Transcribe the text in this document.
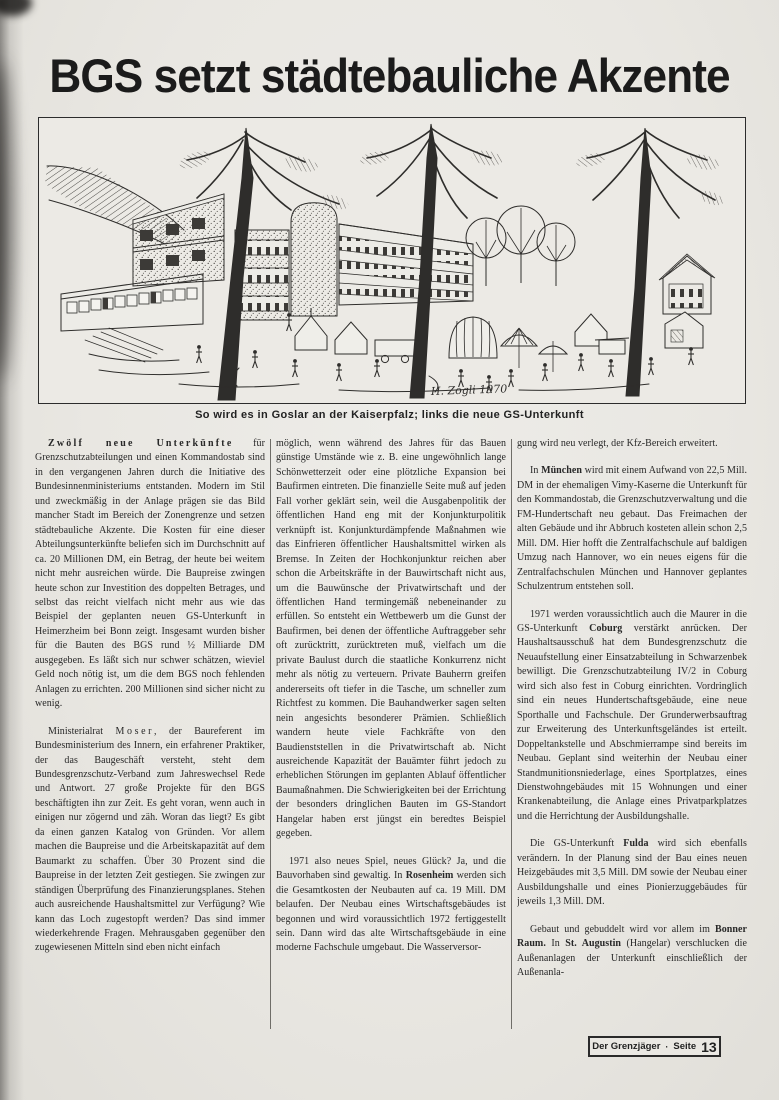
BGS setzt städtebauliche Akzente
H. Zogli 1970
So wird es in Goslar an der Kaiserpfalz; links die neue GS-Unterkunft

Zwölf neue Unterkünfte für Grenzschutzabteilungen und einen Kommandostab sind in den vergangenen Jahren durch die Initiative des Bundesinnenministeriums entstanden. Modern im Stil und zweckmäßig in der Anlage prägen sie das Bild mancher Stadt im Bereich der Zonengrenze und setzen städtebauliche Akzente. Die Kosten für eine dieser Abteilungsunterkünfte beliefen sich im Durchschnitt auf ca. 20 Millionen DM, ein Betrag, der heute bei weitem nicht mehr ausreichen würde. Die Baupreise zwingen heute schon zur Investition des doppelten Betrages, und selbst das reicht vielfach nicht mehr aus wie das Beispiel der geplanten neuen GS-Unterkunft in Heimerzheim bei Bonn zeigt. Insgesamt wurden bisher für die Bauten des BGS rund ½ Milliarde DM ausgegeben. Es läßt sich nur schwer schätzen, wieviel Geld noch nötig ist, um die dem BGS noch fehlenden Anlagen zu errichten. 200 Millionen sind sicher nicht zu wenig.

Ministerialrat Moser, der Baureferent im Bundesministerium des Innern, ein erfahrener Praktiker, der das Baugeschäft versteht, steht dem Bundesgrenzschutz-Verband zum Jahreswechsel Rede und Antwort. 27 große Projekte für den BGS beschäftigten ihn zur Zeit. Es geht voran, wenn auch in einigen nur zögernd und zäh. Woran das liegt? Es gibt da einen ganzen Katalog von Gründen. Vor allem machen die Baupreise und die Arbeitskapazität auf dem Baumarkt zu schaffen. Über 30 Prozent sind die Baupreise in der letzten Zeit gestiegen. Sie zwingen zur ständigen Überprüfung des Finanzierungsplanes. Stehen auch ausreichende Haushaltsmittel zur Verfügung? Wie kann das Loch zugestopft werden? Das sind immer wiederkehrende Fragen. Mehrausgaben gegenüber den zugewiesenen Mitteln sind eben nicht einfach

möglich, wenn während des Jahres für das Bauen günstige Umstände wie z. B. eine ungewöhnlich lange Schönwetterzeit oder eine plötzliche Expansion bei Baufirmen eintreten. Die finanzielle Seite muß auf jeden Fall vorher geklärt sein, weil die Ausgabenpolitik der öffentlichen Hand eng mit der Konjunkturpolitik verknüpft ist. Konjunkturdämpfende Maßnahmen wie das Einfrieren öffentlicher Haushaltsmittel wirken als Bremse. In Zeiten der Hochkonjunktur reichen aber schon die Arbeitskräfte in der Bauwirtschaft nicht aus, um die Bauwünsche der Privatwirtschaft und der öffentlichen Hand termingemäß nebeneinander zu erfüllen. So entsteht ein Wettbewerb um die Gunst der Baufirmen, bei denen der öffentliche Auftraggeber sehr oft zurücktritt, zurücktreten muß, vielfach um die private Baulust durch die staatliche Konkurrenz nicht mehr als nötig zu verteuern. Private Bauherrn greifen andererseits oft tiefer in die Tasche, um schneller zum Richtfest zu kommen. Die Bauhandwerker sagen selten nein angesichts besonderer Prämien. Schließlich wandern heute viele Fachkräfte von den Baudienststellen in die Privatwirtschaft ab. Nicht ausreichende Kapazität der Bauämter führt jedoch zu erheblichen Störungen im geplanten Ablauf öffentlicher Baumaßnahmen. Die Schwierigkeiten bei der Errichtung der besonders dringlichen Bauten im GS-Standort Hangelar haben erst jüngst ein beredtes Beispiel gegeben.

1971 also neues Spiel, neues Glück? Ja, und die Bauvorhaben sind gewaltig. In Rosenheim werden sich die Gesamtkosten der Neubauten auf ca. 19 Mill. DM belaufen. Der Neubau eines Wirtschaftsgebäudes ist begonnen und wird voraussichtlich 1972 fertiggestellt sein. Dann wird das alte Wirtschaftsgebäude in eine moderne Fachschule umgebaut. Die Wasserversor-

gung wird neu verlegt, der Kfz-Bereich erweitert.

In München wird mit einem Aufwand von 22,5 Mill. DM in der ehemaligen Vimy-Kaserne die Unterkunft für den Kommandostab, die Grenzschutzverwaltung und die FM-Hundertschaft neu gebaut. Das Freimachen der alten Gebäude und ihr Abbruch kosteten allein schon 2,5 Mill. DM. Hier hofft die Zentralfachschule auf baldigen Umzug nach Hannover, wo ein neues eigens für die Zentralfachschulen München und Hannover geplantes Schulzentrum entstehen soll.

1971 werden voraussichtlich auch die Maurer in die GS-Unterkunft Coburg verstärkt anrücken. Der Haushaltsausschuß hat dem Bundesgrenzschutz die Neuaufstellung einer Einsatzabteilung in Schwarzenbek bewilligt. Die Grenzschutzabteilung IV/2 in Coburg wird sich also fest in Coburg einrichten. Vordringlich sind ein neues Hundertschaftsgebäude, eine neue Sporthalle und Fachschule. Der Grunderwerbsauftrag zur Erweiterung des Unterkunftsgeländes ist erteilt. Doppeltankstelle und Abschmierrampe sind bereits im Neubau. Geplant sind weiterhin der Neubau einer Standmunitionsniederlage, eines Sportplatzes, eines Dienstwohngebäudes mit 15 Wohnungen und einer Krankenabteilung, die Anlage eines Privatparkplatzes und die Herrichtung der Ausbildungshalle.

Die GS-Unterkunft Fulda wird sich ebenfalls verändern. In der Planung sind der Bau eines neuen Heizgebäudes mit 3,5 Mill. DM sowie der Neubau einer Ausbildungshalle und eines Pionierzuggebäudes für jeweils 1,3 Mill. DM.

Gebaut und gebuddelt wird vor allem im Bonner Raum. In St. Augustin (Hangelar) verschlucken die Außenanlagen der Unterkunft einschließlich der Außenanla-

Der Grenzjäger · Seite 13
